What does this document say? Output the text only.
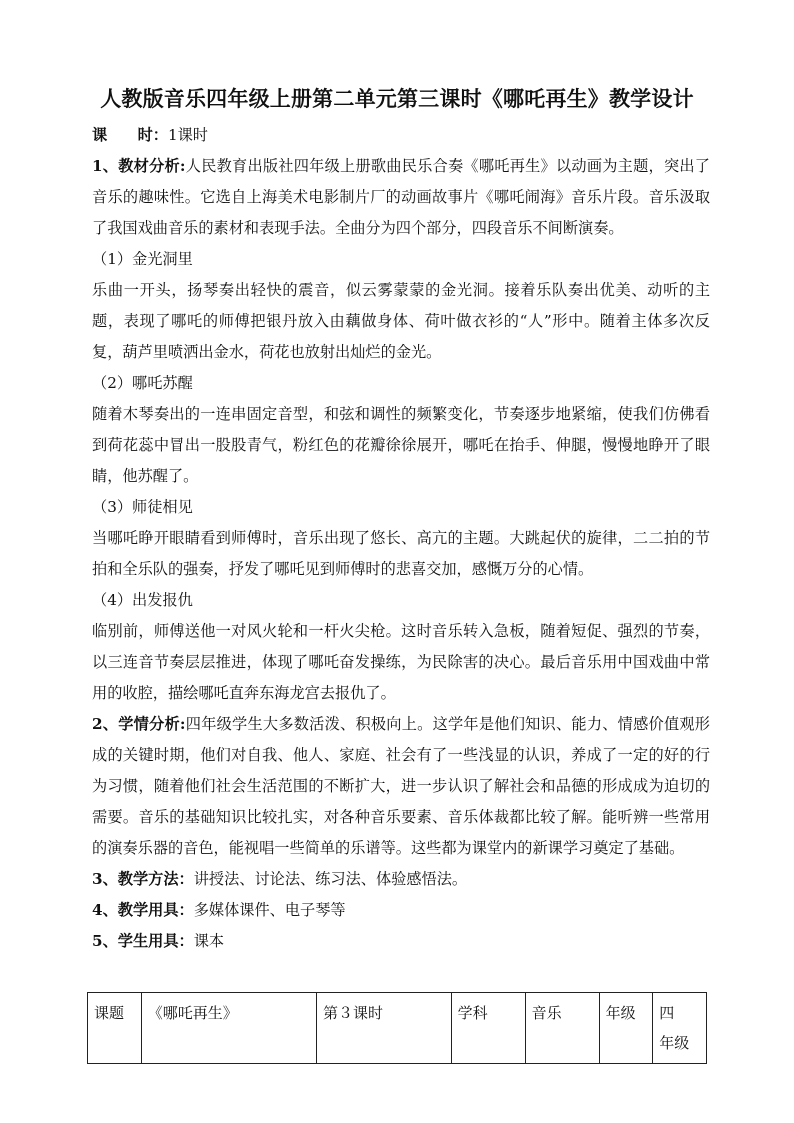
人教版音乐四年级上册第二单元第三课时《哪吒再生》教学设计

课　　时：1课时

1、教材分析:人民教育出版社四年级上册歌曲民乐合奏《哪吒再生》以动画为主题，突出了音乐的趣味性。它选自上海美术电影制片厂的动画故事片《哪吒闹海》音乐片段。音乐汲取了我国戏曲音乐的素材和表现手法。全曲分为四个部分，四段音乐不间断演奏。

（1）金光洞里

乐曲一开头，扬琴奏出轻快的震音，似云雾蒙蒙的金光洞。接着乐队奏出优美、动听的主题，表现了哪吒的师傅把银丹放入由藕做身体、荷叶做衣衫的“人”形中。随着主体多次反复，葫芦里喷洒出金水，荷花也放射出灿烂的金光。

（2）哪吒苏醒

随着木琴奏出的一连串固定音型，和弦和调性的频繁变化，节奏逐步地紧缩，使我们仿佛看到荷花蕊中冒出一股股青气，粉红色的花瓣徐徐展开，哪吒在抬手、伸腿，慢慢地睁开了眼睛，他苏醒了。

（3）师徒相见

当哪吒睁开眼睛看到师傅时，音乐出现了悠长、高亢的主题。大跳起伏的旋律，二二拍的节拍和全乐队的强奏，抒发了哪吒见到师傅时的悲喜交加，感慨万分的心情。

（4）出发报仇

临别前，师傅送他一对风火轮和一杆火尖枪。这时音乐转入急板，随着短促、强烈的节奏，以三连音节奏层层推进，体现了哪吒奋发操练，为民除害的决心。最后音乐用中国戏曲中常用的收腔，描绘哪吒直奔东海龙宫去报仇了。

2、学情分析:四年级学生大多数活泼、积极向上。这学年是他们知识、能力、情感价值观形成的关键时期，他们对自我、他人、家庭、社会有了一些浅显的认识，养成了一定的好的行为习惯，随着他们社会生活范围的不断扩大，进一步认识了解社会和品德的形成成为迫切的需要。音乐的基础知识比较扎实，对各种音乐要素、音乐体裁都比较了解。能听辨一些常用的演奏乐器的音色，能视唱一些简单的乐谱等。这些都为课堂内的新课学习奠定了基础。

3、教学方法：讲授法、讨论法、练习法、体验感悟法。

4、教学用具：多媒体课件、电子琴等

5、学生用具：课本

课题	《哪吒再生》	第３课时	学科	音乐	年级	四　年级
